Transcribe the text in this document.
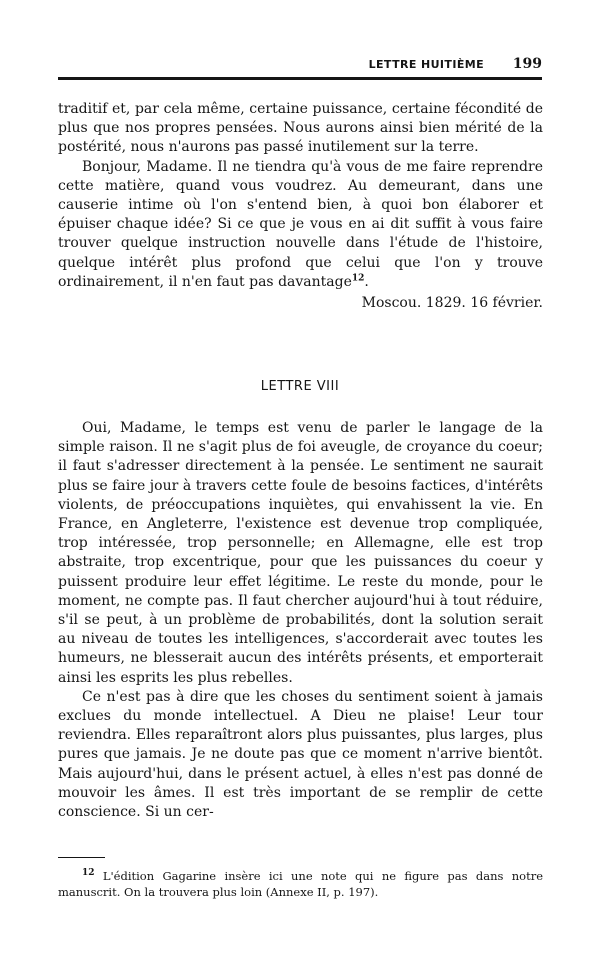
LETTRE HUITIÈME 199

traditif et, par cela même, certaine puissance, certaine fécondité de plus que nos propres pensées. Nous aurons ainsi bien mérité de la postérité, nous n'aurons pas passé inutilement sur la terre.

Bonjour, Madame. Il ne tiendra qu'à vous de me faire reprendre cette matière, quand vous voudrez. Au demeurant, dans une causerie intime où l'on s'entend bien, à quoi bon élaborer et épuiser chaque idée? Si ce que je vous en ai dit suffit à vous faire trouver quelque instruction nouvelle dans l'étude de l'histoire, quelque intérêt plus profond que celui que l'on y trouve ordinairement, il n'en faut pas davantage$^{12}$.

Moscou. 1829. 16 février.

LETTRE VIII

Oui, Madame, le temps est venu de parler le langage de la simple raison. Il ne s'agit plus de foi aveugle, de croyance du coeur; il faut s'adresser directement à la pensée. Le sentiment ne saurait plus se faire jour à travers cette foule de besoins factices, d'intérêts violents, de préoccupations inquiètes, qui envahissent la vie. En France, en Angleterre, l'existence est devenue trop compliquée, trop intéressée, trop personnelle; en Allemagne, elle est trop abstraite, trop excentrique, pour que les puissances du coeur y puissent produire leur effet légitime. Le reste du monde, pour le moment, ne compte pas. Il faut chercher aujourd'hui à tout réduire, s'il se peut, à un problème de probabilités, dont la solution serait au niveau de toutes les intelligences, s'accorderait avec toutes les humeurs, ne blesserait aucun des intérêts présents, et emporterait ainsi les esprits les plus rebelles.

Ce n'est pas à dire que les choses du sentiment soient à jamais exclues du monde intellectuel. A Dieu ne plaise! Leur tour reviendra. Elles reparaîtront alors plus puissantes, plus larges, plus pures que jamais. Je ne doute pas que ce moment n'arrive bientôt. Mais aujourd'hui, dans le présent actuel, à elles n'est pas donné de mouvoir les âmes. Il est très important de se remplir de cette conscience. Si un cer-

$^{12}$ L'édition Gagarine insère ici une note qui ne figure pas dans notre manuscrit. On la trouvera plus loin (Annexe II, p. 197).
